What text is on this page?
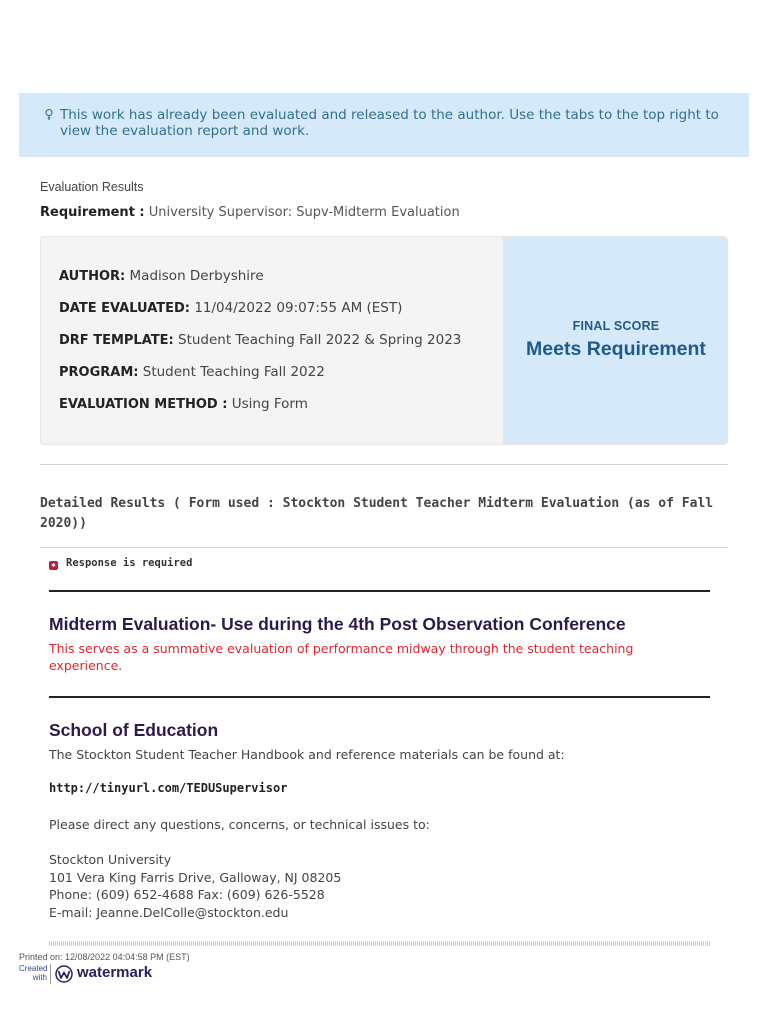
This work has already been evaluated and released to the author. Use the tabs to the top right to view the evaluation report and work.
Evaluation Results
Requirement : University Supervisor: Supv-Midterm Evaluation
AUTHOR: Madison Derbyshire
DATE EVALUATED: 11/04/2022 09:07:55 AM (EST)
DRF TEMPLATE: Student Teaching Fall 2022 & Spring 2023
PROGRAM: Student Teaching Fall 2022
EVALUATION METHOD : Using Form
FINAL SCORE
Meets Requirement
Detailed Results ( Form used : Stockton Student Teacher Midterm Evaluation (as of Fall 2020))
✱ Response is required
Midterm Evaluation- Use during the 4th Post Observation Conference
This serves as a summative evaluation of performance midway through the student teaching experience.
School of Education
The Stockton Student Teacher Handbook and reference materials can be found at:
http://tinyurl.com/TEDUSupervisor
Please direct any questions, concerns, or technical issues to:
Stockton University
101 Vera King Farris Drive, Galloway, NJ 08205
Phone: (609) 652-4688 Fax: (609) 626-5528
E-mail: Jeanne.DelColle@stockton.edu
Printed on: 12/08/2022 04:04:58 PM (EST)
Created
with watermark
